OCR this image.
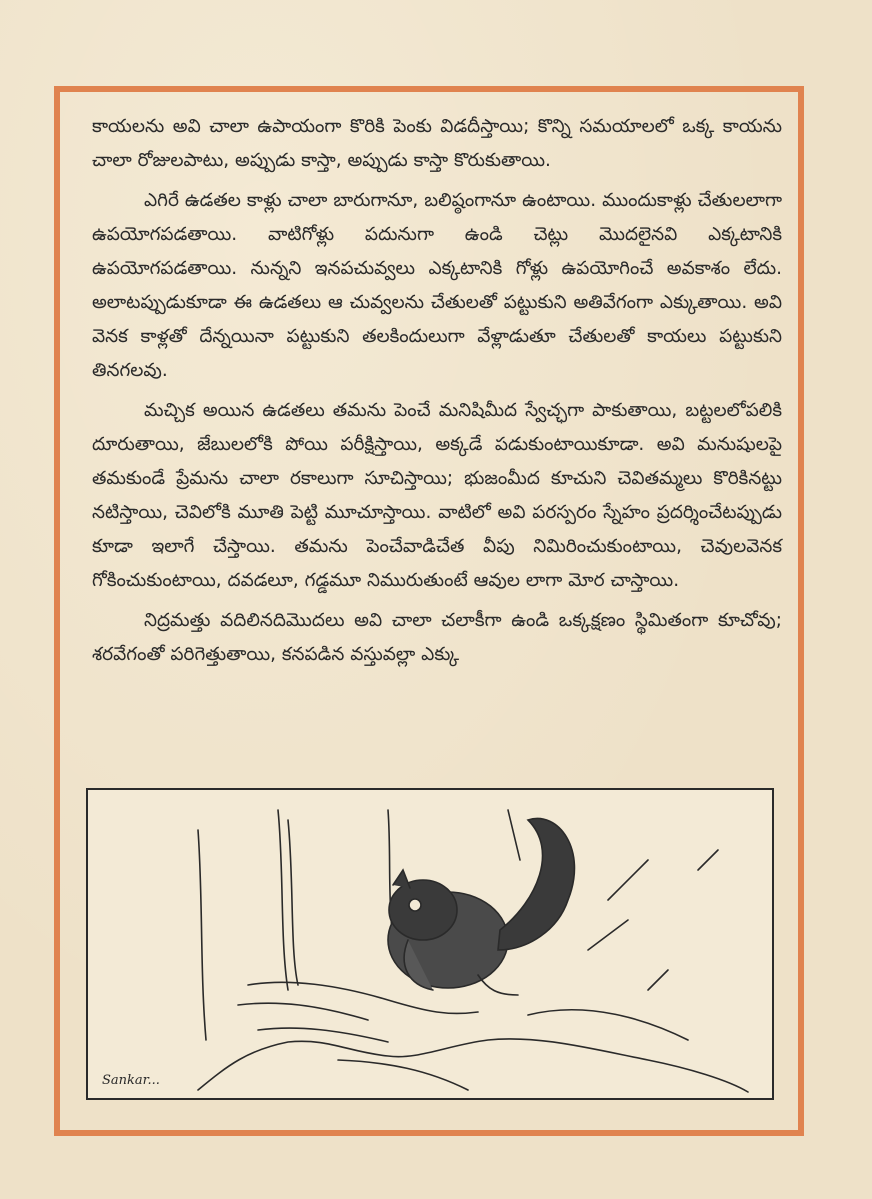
కాయలను అవి చాలా ఉపాయంగా కొరికి పెంకు విడదీస్తాయి; కొన్ని సమయాలలో ఒక్క కాయను చాలా రోజులపాటు, అప్పుడు కాస్తా, అప్పుడు కాస్తా కొరుకుతాయి.

ఎగిరే ఉడతల కాళ్లు చాలా బారుగానూ, బలిష్ఠంగానూ ఉంటాయి. ముందుకాళ్లు చేతులలాగా ఉపయోగపడతాయి. వాటిగోళ్లు పదునుగా ఉండి చెట్లు మొదలైనవి ఎక్కటానికి ఉపయోగపడతాయి. నున్నని ఇనపచువ్వలు ఎక్కటానికి గోళ్లు ఉపయోగించే అవకాశం లేదు. అలాటప్పుడుకూడా ఈ ఉడతలు ఆ చువ్వలను చేతులతో పట్టుకుని అతివేగంగా ఎక్కుతాయి. అవి వెనక కాళ్లతో దేన్నయినా పట్టుకుని తలకిందులుగా వేళ్లాడుతూ చేతులతో కాయలు పట్టుకుని తినగలవు.

మచ్చిక అయిన ఉడతలు తమను పెంచే మనిషిమీద స్వేచ్ఛగా పాకుతాయి, బట్టలలోపలికి దూరుతాయి, జేబులలోకి పోయి పరీక్షిస్తాయి, అక్కడే పడుకుంటాయికూడా. అవి మనుషులపై తమకుండే ప్రేమను చాలా రకాలుగా సూచిస్తాయి; భుజంమీద కూచుని చెవితమ్మలు కొరికినట్టు నటిస్తాయి, చెవిలోకి మూతి పెట్టి మూచూస్తాయి. వాటిలో అవి పరస్పరం స్నేహం ప్రదర్శించేటప్పుడు కూడా ఇలాగే చేస్తాయి. తమను పెంచేవాడిచేత వీపు నిమిరించుకుంటాయి, చెవులవెనక గోకించుకుంటాయి, దవడలూ, గడ్డమూ నిమురుతుంటే ఆవుల లాగా మోర చాస్తాయి.

నిద్రమత్తు వదిలినదిమొదలు అవి చాలా చలాకీగా ఉండి ఒక్కక్షణం స్థిమితంగా కూచోవు; శరవేగంతో పరిగెత్తుతాయి, కనపడిన వస్తువల్లా ఎక్కు

Sankar...
